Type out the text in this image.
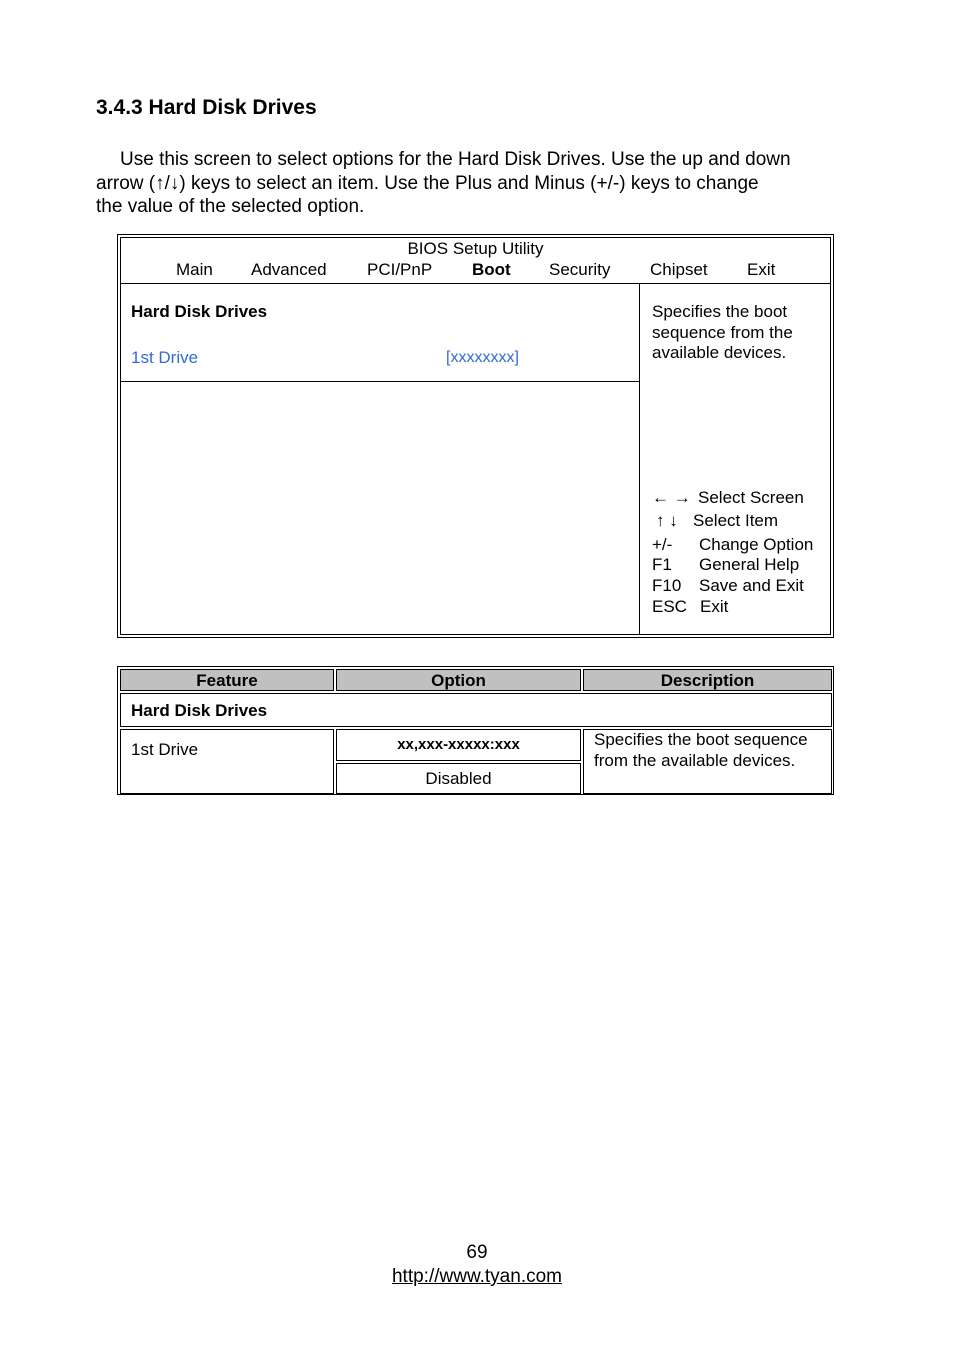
3.4.3 Hard Disk Drives
Use this screen to select options for the Hard Disk Drives. Use the up and down
arrow (↑/↓) keys to select an item. Use the Plus and Minus (+/-) keys to change
the value of the selected option.
BIOS Setup Utility
Main Advanced PCI/PnP Boot Security Chipset Exit
Hard Disk Drives
1st Drive	[xxxxxxxx]
Specifies the boot sequence from the available devices.
← → Select Screen
↑ ↓ Select Item
+/- Change Option
F1 General Help
F10 Save and Exit
ESC Exit
Feature	Option	Description
Hard Disk Drives
1st Drive	xx,xxx-xxxxx:xxx
Disabled
Specifies the boot sequence from the available devices.
69
http://www.tyan.com
